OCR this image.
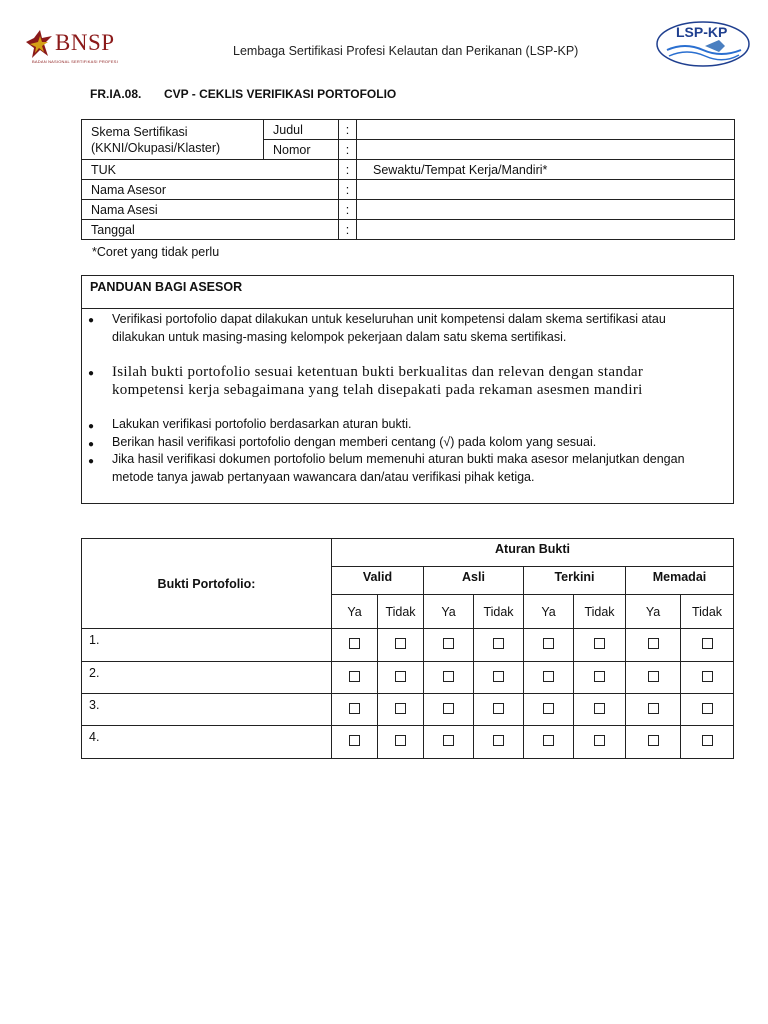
BNSP
BADAN NASIONAL SERTIFIKASI PROFESI
Lembaga Sertifikasi Profesi Kelautan dan Perikanan (LSP-KP)
LSP-KP
FR.IA.08. CVP - CEKLIS VERIFIKASI PORTOFOLIO
Skema Sertifikasi
(KKNI/Okupasi/Klaster)	Judul	:	
	Nomor	:	
TUK		:	Sewaktu/Tempat Kerja/Mandiri*
Nama Asesor		:	
Nama Asesi		:	
Tanggal		:	
*Coret yang tidak perlu
PANDUAN BAGI ASESOR
● Verifikasi portofolio dapat dilakukan untuk keseluruhan unit kompetensi dalam skema sertifikasi atau dilakukan untuk masing-masing kelompok pekerjaan dalam satu skema sertifikasi.
● Isilah bukti portofolio sesuai ketentuan bukti berkualitas dan relevan dengan standar kompetensi kerja sebagaimana yang telah disepakati pada rekaman asesmen mandiri
● Lakukan verifikasi portofolio berdasarkan aturan bukti.
● Berikan hasil verifikasi portofolio dengan memberi centang (√) pada kolom yang sesuai.
● Jika hasil verifikasi dokumen portofolio belum memenuhi aturan bukti maka asesor melanjutkan dengan metode tanya jawab pertanyaan wawancara dan/atau verifikasi pihak ketiga.
Bukti Portofolio:	Aturan Bukti							
	Valid		Asli		Terkini		Memadai	
	Ya	Tidak	Ya	Tidak	Ya	Tidak	Ya	Tidak
1.								
2.								
3.								
4.								
